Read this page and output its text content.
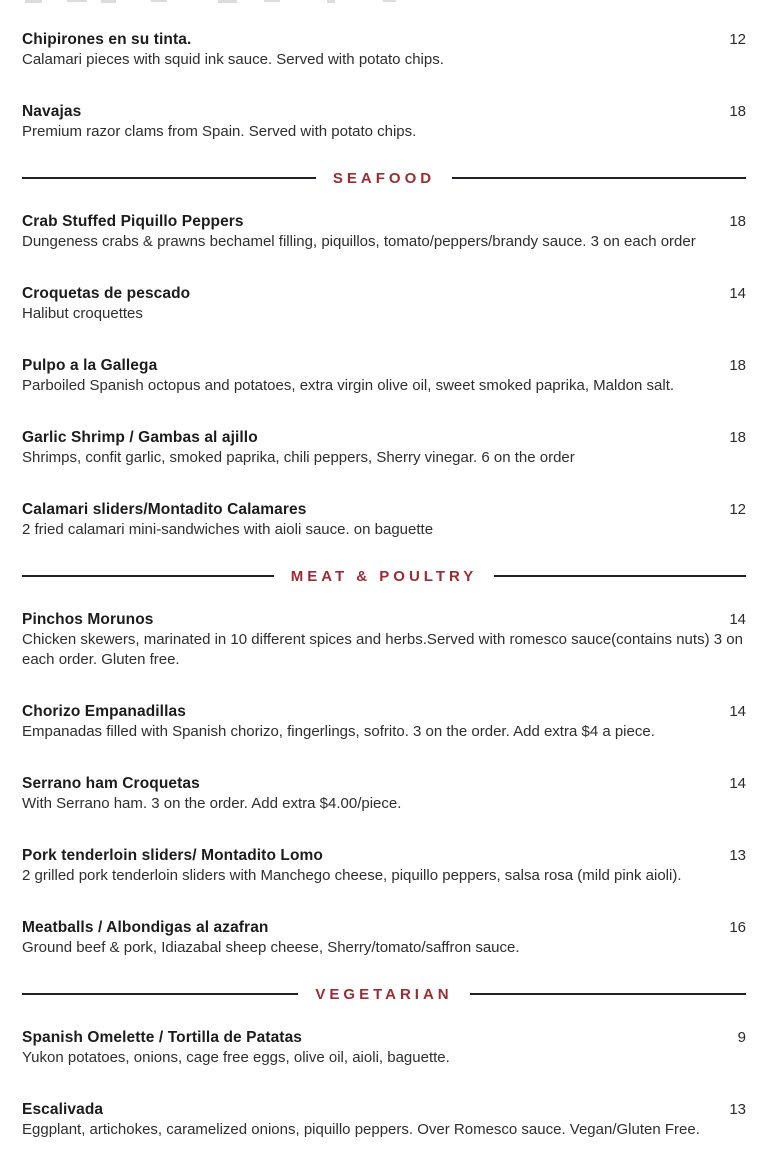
Chipirones en su tinta.	12
Calamari pieces with squid ink sauce. Served with potato chips.
Navajas	18
Premium razor clams from Spain. Served with potato chips.
SEAFOOD
Crab Stuffed Piquillo Peppers	18
Dungeness crabs & prawns bechamel filling, piquillos, tomato/peppers/brandy sauce. 3 on each order
Croquetas de pescado	14
Halibut croquettes
Pulpo a la Gallega	18
Parboiled Spanish octopus and potatoes, extra virgin olive oil, sweet smoked paprika, Maldon salt.
Garlic Shrimp / Gambas al ajillo	18
Shrimps, confit garlic, smoked paprika, chili peppers, Sherry vinegar. 6 on the order
Calamari sliders/Montadito Calamares	12
2 fried calamari mini-sandwiches with aioli sauce. on baguette
MEAT & POULTRY
Pinchos Morunos	14
Chicken skewers, marinated in 10 different spices and herbs.Served with romesco sauce(contains nuts) 3 on each order. Gluten free.
Chorizo Empanadillas	14
Empanadas filled with Spanish chorizo, fingerlings, sofrito. 3 on the order. Add extra $4 a piece.
Serrano ham Croquetas	14
With Serrano ham. 3 on the order. Add extra $4.00/piece.
Pork tenderloin sliders/ Montadito Lomo	13
2 grilled pork tenderloin sliders with Manchego cheese, piquillo peppers, salsa rosa (mild pink aioli).
Meatballs / Albondigas al azafran	16
Ground beef & pork, Idiazabal sheep cheese, Sherry/tomato/saffron sauce.
VEGETARIAN
Spanish Omelette / Tortilla de Patatas	9
Yukon potatoes, onions, cage free eggs, olive oil, aioli, baguette.
Escalivada	13
Eggplant, artichokes, caramelized onions, piquillo peppers. Over Romesco sauce. Vegan/Gluten Free.
